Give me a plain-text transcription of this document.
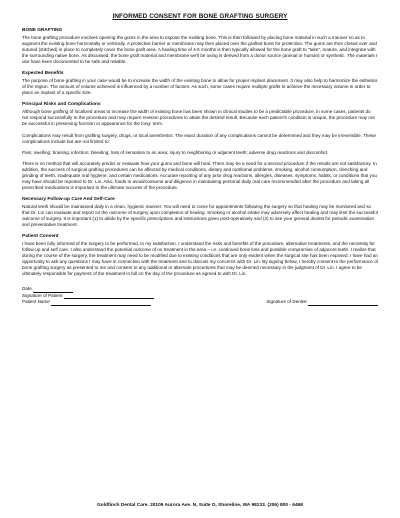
INFORMED CONSENT FOR BONE GRAFTING SURGERY
BONE GRAFTING

The bone grafting procedure involves opening the gums in the area to expose the existing bone. This is then followed by placing bone material in such a manner so as to augment the existing bone horizontally or vertically. A protective barrier or membrane may then placed over the grafted bone for protection. The gums are then closed over and sutured (stitched) in place to completely cover the bone graft area. A healing time of 4-6 months is then typically allowed for the bone graft to "take", mature, and integrate with the surrounding native bone. As discussed, the bone graft material and membrane we'll be using is derived from a donor source (animal or human) or synthetic. The materials I use have been documented to be safe and reliable.

Expected Benefits

The purpose of bone grafting in your case would be to increase the width of the existing bone to allow for proper implant placement. It may also help to harmonize the esthetics of the region. The amount of volume achieved is influenced by a number of factors. As such, some cases require multiple grafts to achieve the necessary volume in order to place an implant of a specific size.

Principal Risks and Complications

Although bone grafting of localized areas to increase the width of existing bone has been shown in clinical studies to be a predictable procedure, in some cases, patients do not respond successfully to the procedure and may require revision procedures to attain the desired result. Because each patient's condition is unique, the procedure may not be successful in preserving function or appearance for the long- term.

Complications may result from grafting surgery, drugs, or local anesthetics. The exact duration of any complications cannot be determined and they may be irreversible. These complications include but are not limited to:

Pain; swelling; bruising; infection; bleeding; loss of sensation to an area; injury to neighboring or adjacent teeth; adverse drug reactions and discomfort.

There is no method that will accurately predict or evaluate how your gums and bone will heal. There may be a need for a second procedure if the results are not satisfactory. In addition, the success of surgical grafting procedures can be affected by medical conditions, dietary and nutritional problems, smoking, alcohol consumption, clenching and grinding of teeth, inadequate oral hygiene, and certain medications. Accurate reporting of any prior drug reactions, allergies, diseases, symptoms, habits, or conditions that you may have should be reported to Dr. Lin. Also, foods to avoid/consume and diligence in maintaining personal daily oral care recommended after the procedure and taking all prescribed medications is important to the ultimate success of the procedure.

Necessary Follow-up Care And Self-Care

Natural teeth should be maintained daily in a clean, hygienic manner. You will need to come for appointments following the surgery so that healing may be monitored and so that Dr. Lin can evaluate and report on the outcome of surgery upon completion of healing. Smoking or alcohol intake may adversely affect healing and may limit the successful outcome of surgery. It is important (1) to abide by the specific prescriptions and instructions given post-operatively and (2) to see your general dentist for periodic examination and preventative treatment.

Patient Consent

I have been fully informed of the surgery to be performed, to my satisfaction. I understand the risks and benefits of the procedure, alternative treatments, and the necessity for follow-up and self care. I also understand the potential outcome of no treatment in the area – i.e. continued bone loss and possible compromise of adjacent teeth. I realize that during the course of the surgery, the treatment may need to be modified due to existing conditions that are only evident when the surgical site has been exposed. I have had an opportunity to ask any questions I may have in connection with the treatment and to discuss my concerns with Dr. Lin. By signing below, I hereby consent to the performance of bone grafting surgery as presented to me and consent to any additional or alternate procedures that may be deemed necessary in the judgment of Dr. Lin. I agree to be ultimately responsible for payment of the treatment in full on the day of the procedure as agreed to with Dr. Lin.

Date
Signature of Patient
Patient Name	Signature of Dentist
Goldfinch Dental Care. 20109 Aurora Ave. N, Suite D, Shoreline, WA 98133. (206) 800 - 6468
